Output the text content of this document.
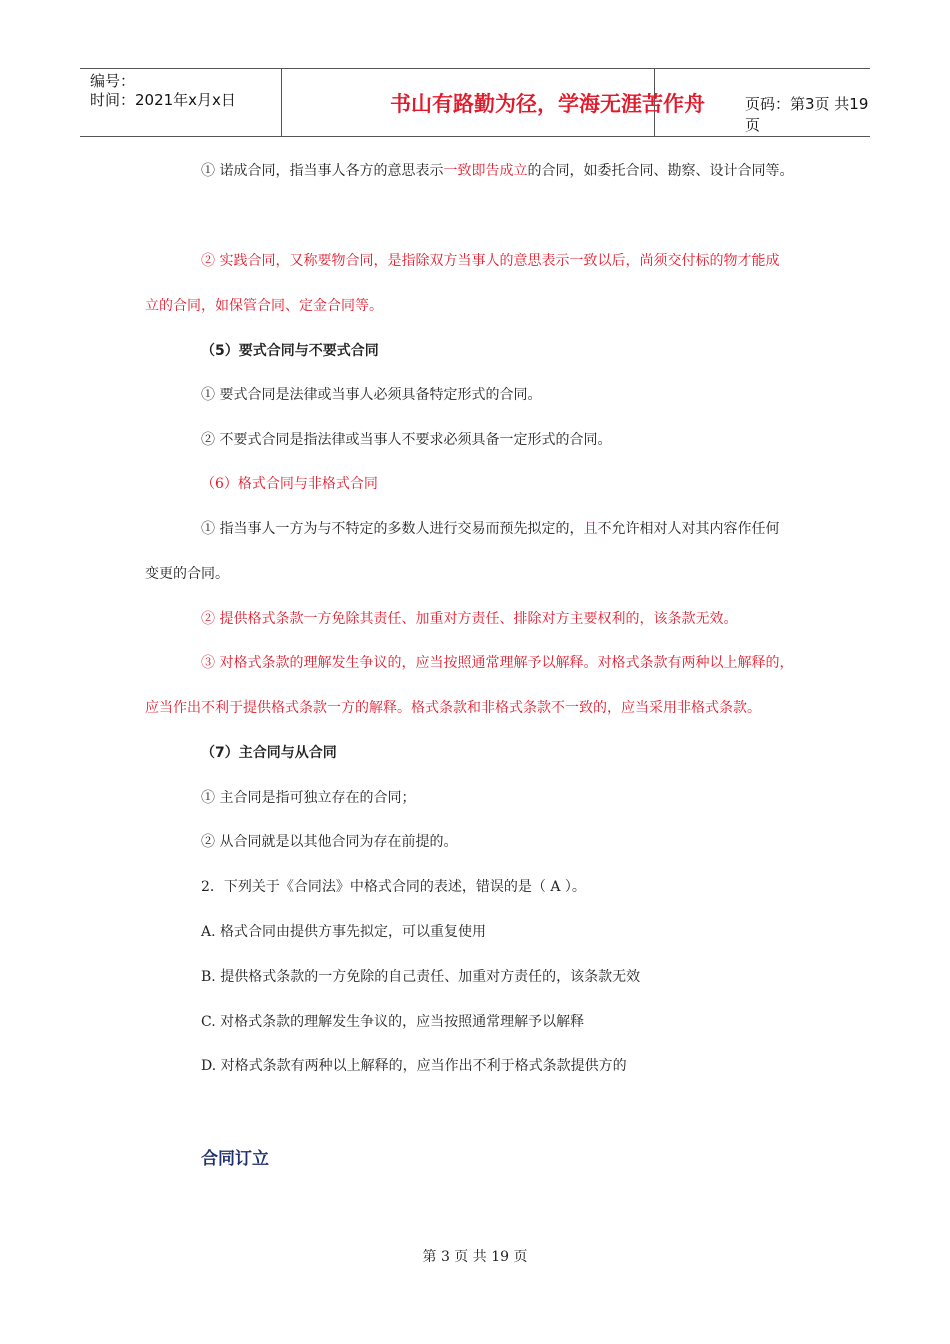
编号：
时间：2021年x月x日	书山有路勤为径，学海无涯苦作舟	页码：第3页 共19页
① 诺成合同，指当事人各方的意思表示一致即告成立的合同，如委托合同、勘察、设计合同等。
② 实践合同，又称要物合同，是指除双方当事人的意思表示一致以后，尚须交付标的物才能成
立的合同，如保管合同、定金合同等。
（5）要式合同与不要式合同
① 要式合同是法律或当事人必须具备特定形式的合同。
② 不要式合同是指法律或当事人不要求必须具备一定形式的合同。
（6）格式合同与非格式合同
① 指当事人一方为与不特定的多数人进行交易而预先拟定的，且不允许相对人对其内容作任何
变更的合同。
② 提供格式条款一方免除其责任、加重对方责任、排除对方主要权利的，该条款无效。
③ 对格式条款的理解发生争议的，应当按照通常理解予以解释。对格式条款有两种以上解释的，
应当作出不利于提供格式条款一方的解释。格式条款和非格式条款不一致的，应当采用非格式条款。
（7）主合同与从合同
① 主合同是指可独立存在的合同；
② 从合同就是以其他合同为存在前提的。
2．下列关于《合同法》中格式合同的表述，错误的是（ A ）。
A. 格式合同由提供方事先拟定，可以重复使用
B. 提供格式条款的一方免除的自己责任、加重对方责任的，该条款无效
C. 对格式条款的理解发生争议的，应当按照通常理解予以解释
D. 对格式条款有两种以上解释的，应当作出不利于格式条款提供方的
合同订立
第 3 页 共 19 页
